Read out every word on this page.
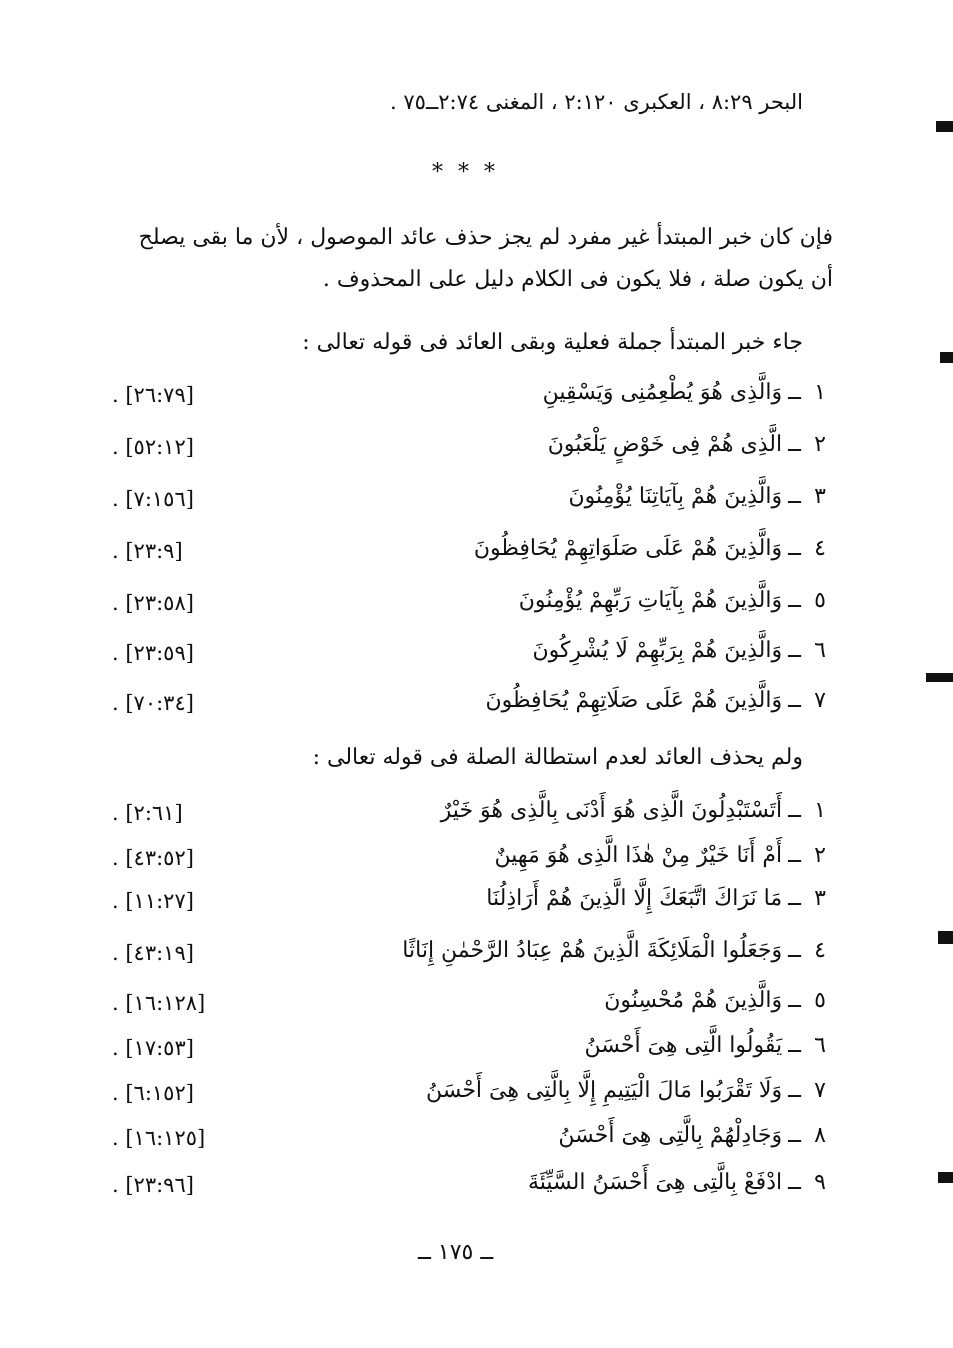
البحر ٨:٢٩ ، العكبرى ٢:١٢٠ ، المغنى ٢:٧٤ــ٧٥ .
* * *
فإن كان خبر المبتدأ غير مفرد لم يجز حذف عائد الموصول ، لأن ما بقى يصلح
أن يكون صلة ، فلا يكون فى الكلام دليل على المحذوف .
جاء خبر المبتدأ جملة فعلية وبقى العائد فى قوله تعالى :
١ــوَالَّذِى هُوَ يُطْعِمُنِى وَيَسْقِينِ
[٢٦:٧٩] .
٢ــالَّذِى هُمْ فِى خَوْضٍ يَلْعَبُونَ
[٥٢:١٢] .
٣ــوَالَّذِينَ هُمْ بِآيَاتِنَا يُؤْمِنُونَ
[٧:١٥٦] .
٤ــوَالَّذِينَ هُمْ عَلَى صَلَوَاتِهِمْ يُحَافِظُونَ
[٢٣:٩] .
٥ــوَالَّذِينَ هُمْ بِآيَاتِ رَبِّهِمْ يُؤْمِنُونَ
[٢٣:٥٨] .
٦ــوَالَّذِينَ هُمْ بِرَبِّهِمْ لَا يُشْرِكُونَ
[٢٣:٥٩] .
٧ــوَالَّذِينَ هُمْ عَلَى صَلَاتِهِمْ يُحَافِظُونَ
[٧٠:٣٤] .
ولم يحذف العائد لعدم استطالة الصلة فى قوله تعالى :
١ــأَتَسْتَبْدِلُونَ الَّذِى هُوَ أَدْنَى بِالَّذِى هُوَ خَيْرٌ
[٢:٦١] .
٢ــأَمْ أَنَا خَيْرٌ مِنْ هٰذَا الَّذِى هُوَ مَهِينٌ
[٤٣:٥٢] .
٣ــمَا نَرَاكَ اتَّبَعَكَ إِلَّا الَّذِينَ هُمْ أَرَاذِلُنَا
[١١:٢٧] .
٤ــوَجَعَلُوا الْمَلَائِكَةَ الَّذِينَ هُمْ عِبَادُ الرَّحْمٰنِ إِنَاثًا
[٤٣:١٩] .
٥ــوَالَّذِينَ هُمْ مُحْسِنُونَ
[١٦:١٢٨] .
٦ــيَقُولُوا الَّتِى هِىَ أَحْسَنُ
[١٧:٥٣] .
٧ــوَلَا تَقْرَبُوا مَالَ الْيَتِيمِ إِلَّا بِالَّتِى هِىَ أَحْسَنُ
[٦:١٥٢] .
٨ــوَجَادِلْهُمْ بِالَّتِى هِىَ أَحْسَنُ
[١٦:١٢٥] .
٩ــادْفَعْ بِالَّتِى هِىَ أَحْسَنُ السَّيِّئَةَ
[٢٣:٩٦] .
ــ ١٧٥ ــ
